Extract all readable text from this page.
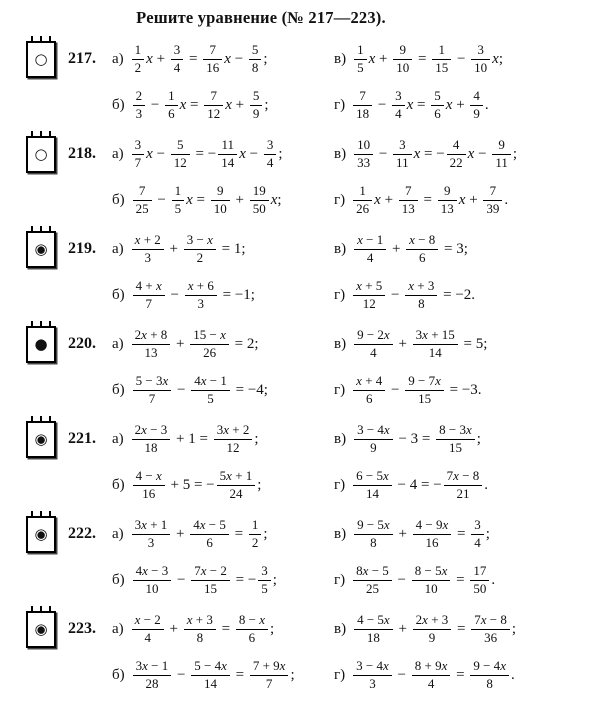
Решите уравнение (№ 217—223).
○ 217.	$а) \frac{1}{2}$ $x + \frac{3}{4} = \frac{7}{16}$ $x - \frac{5}{8}$ ;	$в) \frac{1}{5}$ $x + \frac{9}{10} = \frac{1}{15} - \frac{3}{10} x$;
$б) \frac{2}{3} - \frac{1}{6}$ $x = \frac{7}{12}$ $x + \frac{5}{9}$ ;	$г) \frac{7}{18} - \frac{3}{4}$ $x = \frac{5}{6}$ $x + \frac{4}{9}$ .
○ 218.	$а) \frac{3}{7}$ $x - \frac{5}{12}$ = − $\frac{11}{14}$ $x - \frac{3}{4}$ ;	$в) \frac{10}{33} - \frac{3}{11}$ x = − $\frac{4}{22}$ $x - \frac{9}{11}$ ;
$б) \frac{7}{25} - \frac{1}{5}$ $x = \frac{9}{10} + \frac{19}{50} x$;	$г) \frac{1}{26}$ $x + \frac{7}{13} = \frac{9}{13}$ $x + \frac{7}{39}$ .
◉ 219.	$а) \frac{x + 2}{3} + \frac{3 - x}{2} = 1$;	$в) \frac{x - 1}{4} + \frac{x - 8}{6} = 3$;
$б) \frac{4 + x}{7} - \frac{x + 6}{3} = -1$;	$г) \frac{x + 5}{12} - \frac{x + 3}{8} = -2$.
● 220.	$а) \frac{2x + 8}{13} + \frac{15 - x}{26} = 2$;	$в) \frac{9 - 2x}{4} + \frac{3x + 15}{14} = 5$;
$б) \frac{5 - 3x}{7} - \frac{4x - 1}{5} = -4$;	$г) \frac{x + 4}{6} - \frac{9 - 7x}{15} = -3$.
◉ 221.	$а) \frac{2x - 3}{18} + 1 = \frac{3x + 2}{12}$ ;	$в) \frac{3 - 4x}{9} - 3 = \frac{8 - 3x}{15}$ ;
$б) \frac{4 - x}{16} + 5$ = − $\frac{5x + 1}{24}$ ;	$г) \frac{6 - 5x}{14} - 4$ = − $\frac{7x - 8}{21}$ .
◉ 222.	$а) \frac{3x + 1}{3} + \frac{4x - 5}{6} = \frac{1}{2}$ ;	$в) \frac{9 - 5x}{8} + \frac{4 - 9x}{16} = \frac{3}{4}$ ;
$б) \frac{4x - 3}{10} - \frac{7x - 2}{15}$ = − $\frac{3}{5}$ ;	$г) \frac{8x - 5}{25} - \frac{8 - 5x}{10} = \frac{17}{50}$ .
◉ 223.	$а) \frac{x - 2}{4} + \frac{x + 3}{8} = \frac{8 - x}{6}$ ;	$в) \frac{4 - 5x}{18} + \frac{2x + 3}{9} = \frac{7x - 8}{36}$ ;
$б) \frac{3x - 1}{28} - \frac{5 - 4x}{14} = \frac{7 + 9x}{7}$ ;	$г) \frac{3 - 4x}{3} - \frac{8 + 9x}{4} = \frac{9 - 4x}{8}$ .
